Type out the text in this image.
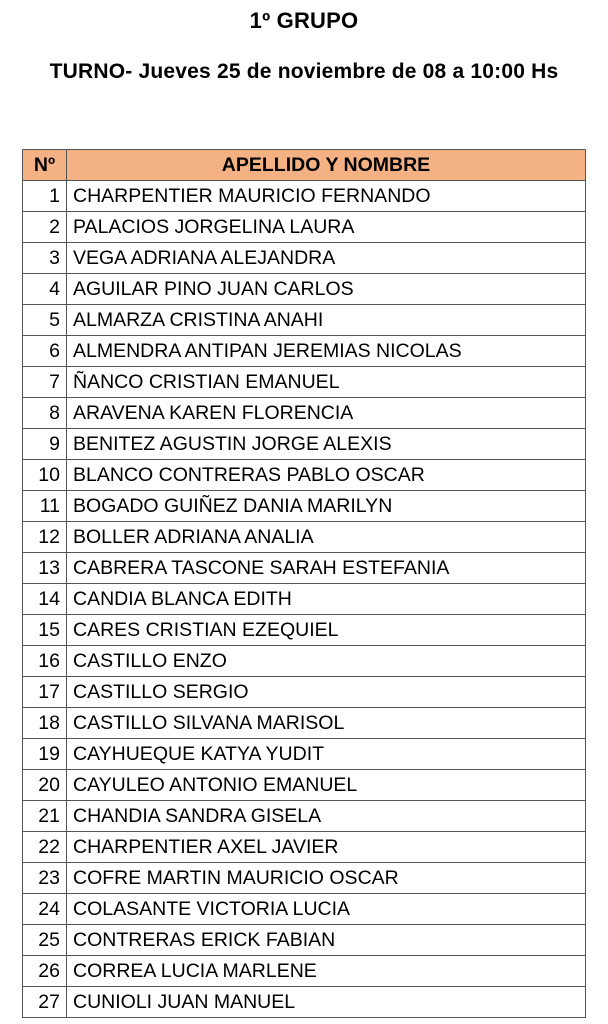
1º GRUPO
TURNO- Jueves 25 de noviembre de 08 a 10:00 Hs
Nº	APELLIDO Y NOMBRE
1	CHARPENTIER MAURICIO FERNANDO
2	PALACIOS JORGELINA LAURA
3	VEGA ADRIANA ALEJANDRA
4	AGUILAR PINO JUAN CARLOS
5	ALMARZA CRISTINA ANAHI
6	ALMENDRA ANTIPAN JEREMIAS NICOLAS
7	ÑANCO CRISTIAN EMANUEL
8	ARAVENA KAREN FLORENCIA
9	BENITEZ AGUSTIN JORGE ALEXIS
10	BLANCO CONTRERAS PABLO OSCAR
11	BOGADO GUIÑEZ DANIA MARILYN
12	BOLLER ADRIANA ANALIA
13	CABRERA TASCONE SARAH ESTEFANIA
14	CANDIA BLANCA EDITH
15	CARES CRISTIAN EZEQUIEL
16	CASTILLO ENZO
17	CASTILLO SERGIO
18	CASTILLO SILVANA MARISOL
19	CAYHUEQUE KATYA YUDIT
20	CAYULEO ANTONIO EMANUEL
21	CHANDIA SANDRA GISELA
22	CHARPENTIER AXEL JAVIER
23	COFRE MARTIN MAURICIO OSCAR
24	COLASANTE VICTORIA LUCIA
25	CONTRERAS ERICK FABIAN
26	CORREA LUCIA MARLENE
27	CUNIOLI JUAN MANUEL
